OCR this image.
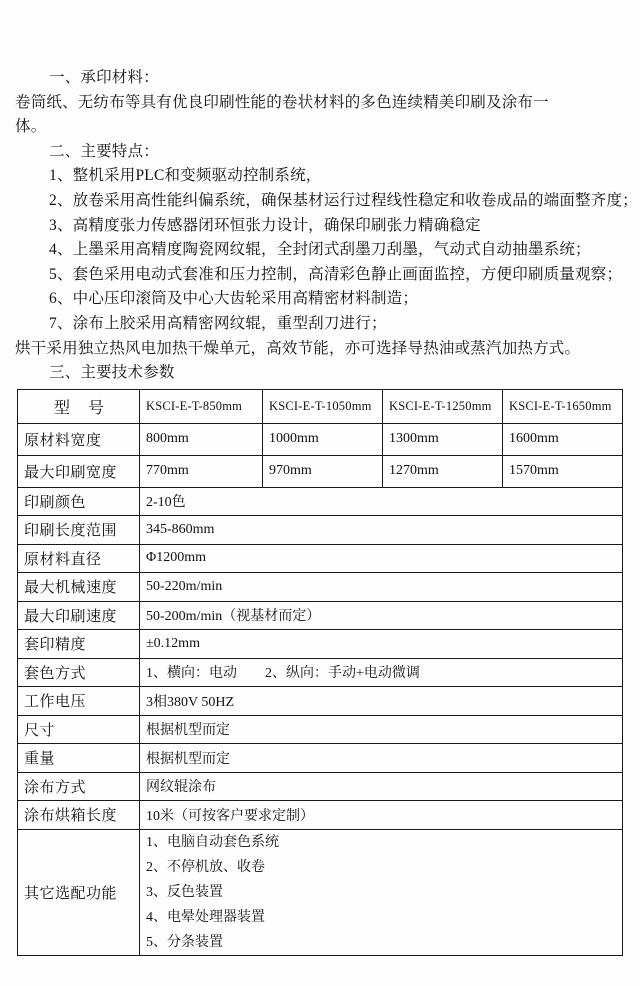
一、承印材料：
卷筒纸、无纺布等具有优良印刷性能的卷状材料的多色连续精美印刷及涂布一
体。
二、主要特点：
1、整机采用PLC和变频驱动控制系统，
2、放卷采用高性能纠偏系统，确保基材运行过程线性稳定和收卷成品的端面整齐度；
3、高精度张力传感器闭环恒张力设计，确保印刷张力精确稳定
4、上墨采用高精度陶瓷网纹辊，全封闭式刮墨刀刮墨，气动式自动抽墨系统；
5、套色采用电动式套准和压力控制，高清彩色静止画面监控，方便印刷质量观察；
6、中心压印滚筒及中心大齿轮采用高精密材料制造；
7、涂布上胶采用高精密网纹辊，重型刮刀进行；
烘干采用独立热风电加热干燥单元，高效节能，亦可选择导热油或蒸汽加热方式。
三、主要技术参数
型　号	KSCI-E-T-850mm	KSCI-E-T-1050mm	KSCI-E-T-1250mm	KSCI-E-T-1650mm
原材料宽度	800mm	1000mm	1300mm	1600mm
最大印刷宽度	770mm	970mm	1270mm	1570mm
印刷颜色	2-10色			
印刷长度范围	345-860mm			
原材料直径	Φ1200mm			
最大机械速度	50-220m/min			
最大印刷速度	50-200m/min（视基材而定）			
套印精度	±0.12mm			
套色方式	1、横向：电动　　2、纵向：手动+电动微调			
工作电压	3相380V 50HZ			
尺寸	根据机型而定			
重量	根据机型而定			
涂布方式	网纹辊涂布			
涂布烘箱长度	10米（可按客户要求定制）			
其它选配功能	1、电脑自动套色系统
2、不停机放、收卷
3、反色装置
4、电晕处理器装置
5、分条装置			
